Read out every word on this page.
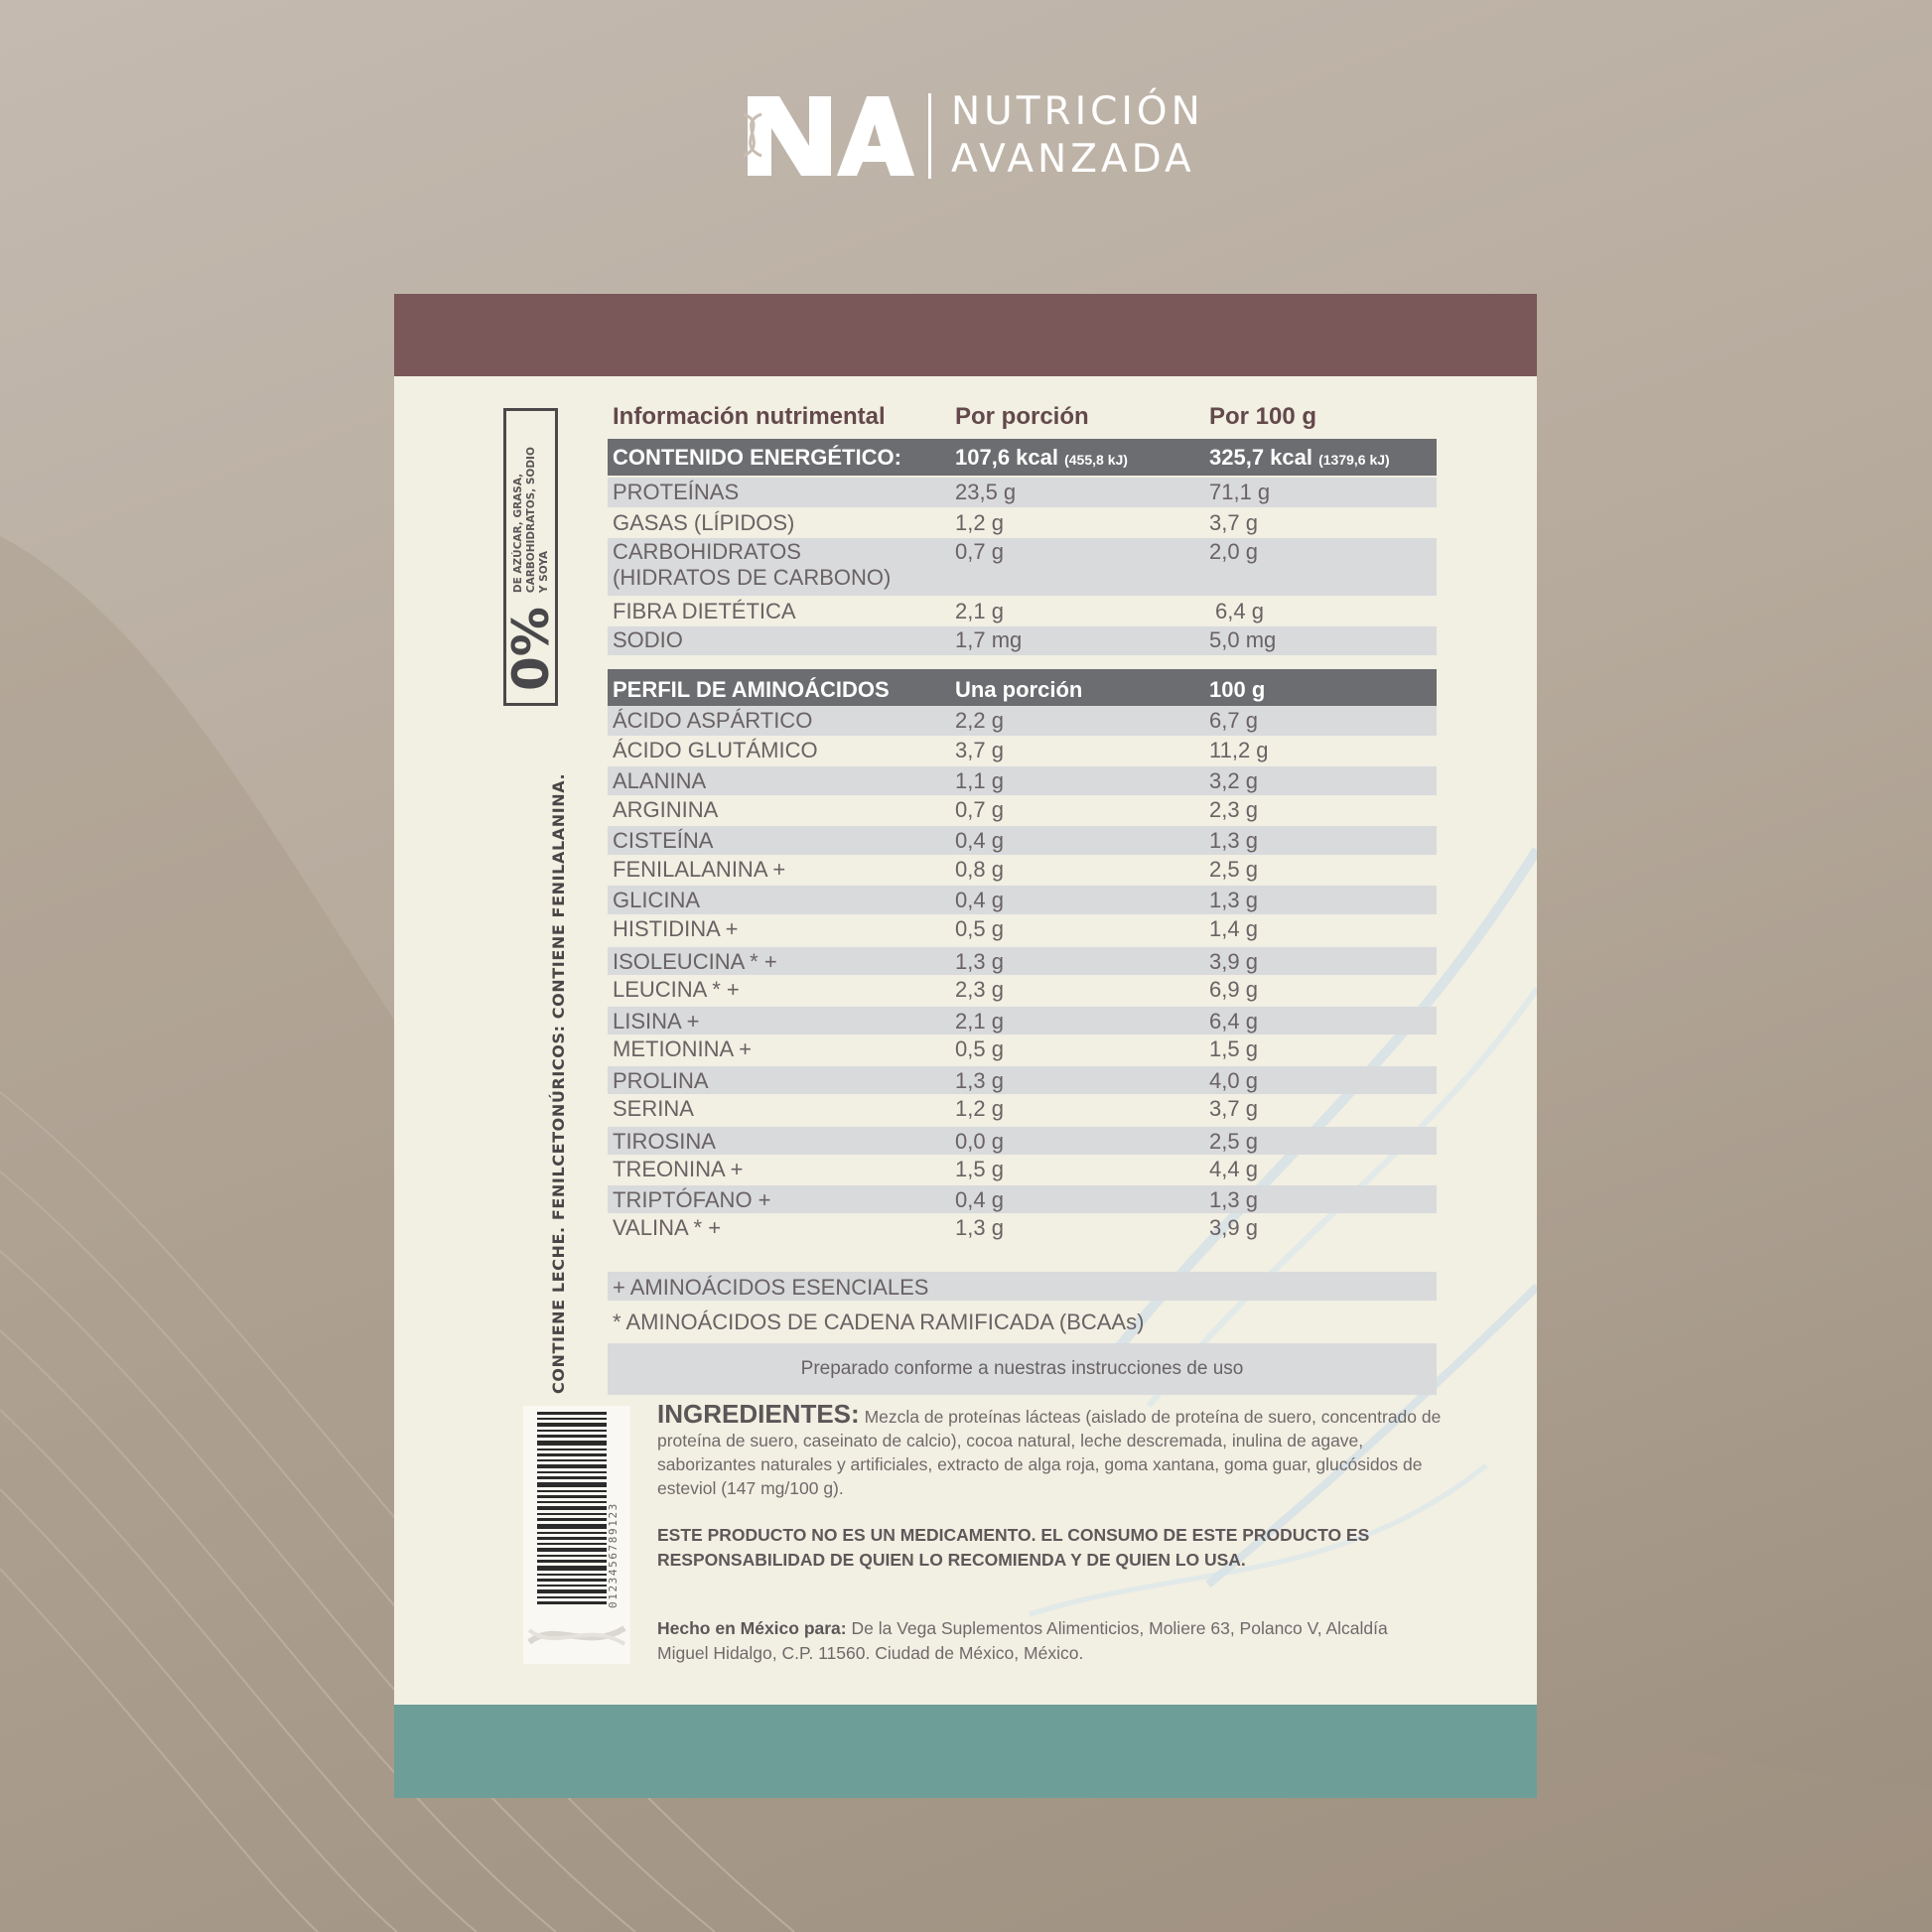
NUTRICIÓN
AVANZADA
0%
DE AZÚCAR, GRASA, CARBOHIDRATOS, SODIO Y SOYA
CONTIENE LECHE. FENILCETONÚRICOS: CONTIENE FENILALANINA.
Información nutrimental	Por porción	Por 100 g
CONTENIDO ENERGÉTICO: 107,6 kcal (455,8 kJ)	325,7 kcal (1379,6 kJ)
PROTEÍNAS	23,5 g	71,1 g
GASAS (LÍPIDOS)	1,2 g	3,7 g
CARBOHIDRATOS
(HIDRATOS DE CARBONO)
0,7 g	2,0 g
FIBRA DIETÉTICA	2,1 g	6,4 g
SODIO	1,7 mg	5,0 mg
PERFIL DE AMINOÁCIDOS	Una porción	100 g
ÁCIDO ASPÁRTICO	2,2 g	6,7 g
ÁCIDO GLUTÁMICO	3,7 g	11,2 g
ALANINA	1,1 g	3,2 g
ARGININA	0,7 g	2,3 g
CISTEÍNA	0,4 g	1,3 g
FENILALANINA +	0,8 g	2,5 g
GLICINA	0,4 g	1,3 g
HISTIDINA +	0,5 g	1,4 g
ISOLEUCINA * +	1,3 g	3,9 g
LEUCINA * +	2,3 g	6,9 g
LISINA +	2,1 g	6,4 g
METIONINA +	0,5 g	1,5 g
PROLINA	1,3 g	4,0 g
SERINA	1,2 g	3,7 g
TIROSINA	0,0 g	2,5 g
TREONINA +	1,5 g	4,4 g
TRIPTÓFANO +	0,4 g	1,3 g
VALINA * +	1,3 g	3,9 g
+ AMINOÁCIDOS ESENCIALES
* AMINOÁCIDOS DE CADENA RAMIFICADA (BCAAs)
Preparado conforme a nuestras instrucciones de uso
0123456789123
INGREDIENTES: Mezcla de proteínas lácteas (aislado de proteína de suero, concentrado de proteína de suero, caseinato de calcio), cocoa natural, leche descremada, inulina de agave, saborizantes naturales y artificiales, extracto de alga roja, goma xantana, goma guar, glucósidos de esteviol (147 mg/100 g).
ESTE PRODUCTO NO ES UN MEDICAMENTO. EL CONSUMO DE ESTE PRODUCTO ES RESPONSABILIDAD DE QUIEN LO RECOMIENDA Y DE QUIEN LO USA.
Hecho en México para: De la Vega Suplementos Alimenticios, Moliere 63, Polanco V, Alcaldía Miguel Hidalgo, C.P. 11560. Ciudad de México, México.
